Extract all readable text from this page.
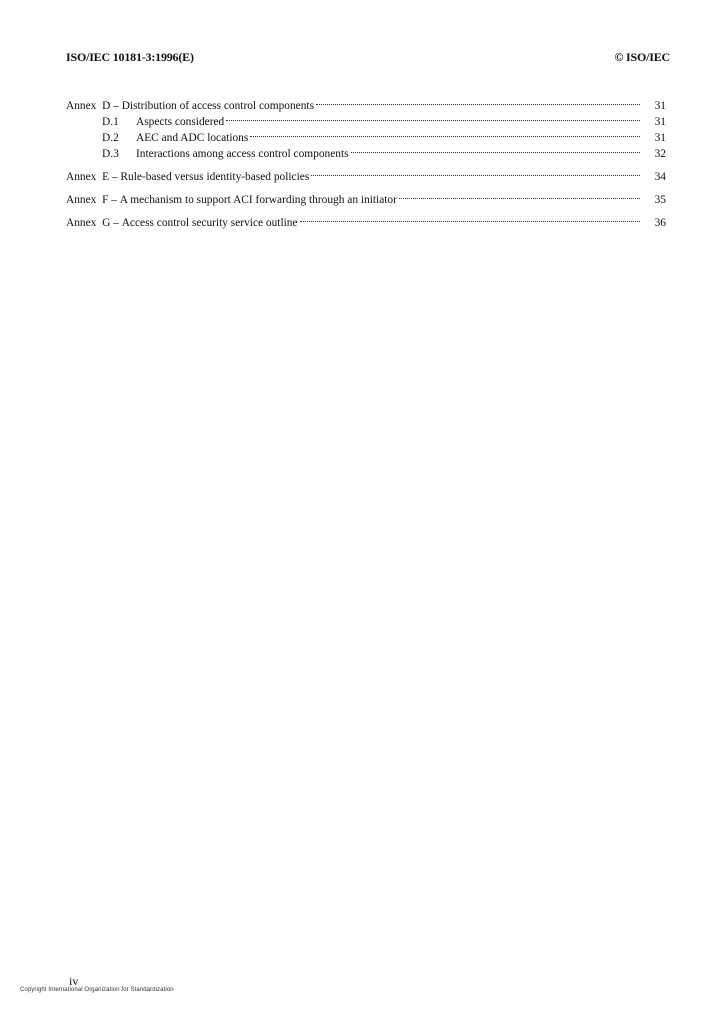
ISO/IEC 10181-3:1996(E)	© ISO/IEC
Annex  D – Distribution of access control components	31
D.1	Aspects considered	31
D.2	AEC and ADC locations	31
D.3	Interactions among access control components	32
Annex  E – Rule-based versus identity-based policies	34
Annex  F – A mechanism to support ACI forwarding through an initiator	35
Annex  G – Access control security service outline	36
iv
Copyright International Organization for Standardization
